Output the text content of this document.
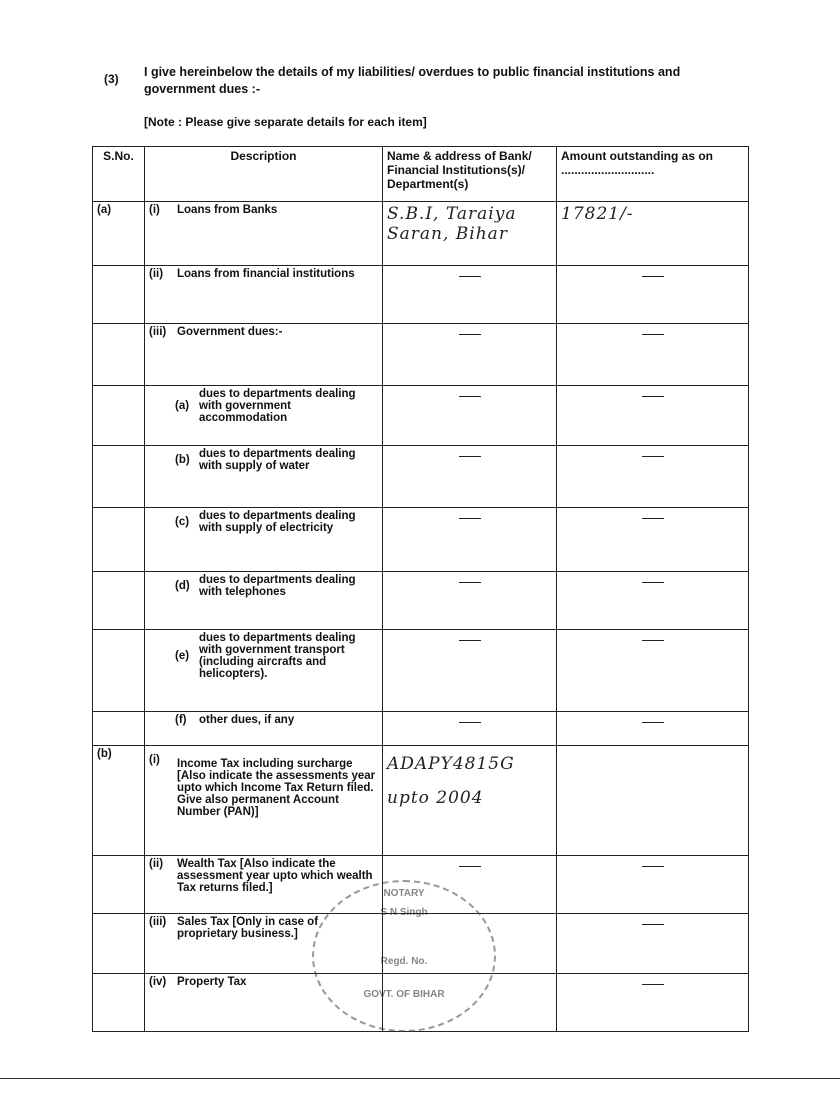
(3) I give hereinbelow the details of my liabilities/ overdues to public financial institutions and government dues :-
[Note : Please give separate details for each item]
S.No.	Description	Name & address of Bank/ Financial Institutions(s)/ Department(s)	Amount outstanding as on ............................
(a)	(i) Loans from Banks	S.B.I, Taraiya Saran, Bihar	17821/-
	(ii) Loans from financial institutions		
	(iii) Government dues:-		
	(a)dues to departments dealing with government accommodation		
	(b) dues to departments dealing with supply of water		
	(c) dues to departments dealing with supply of electricity		
	(d) dues to departments dealing with telephones		
	(e)dues to departments dealing with government transport (including aircrafts and helicopters).		
	(f) other dues, if any		
(b)	(i) Income Tax including surcharge [Also indicate the assessments year upto which Income Tax Return filed. Give also permanent Account Number (PAN)]	ADAPY4815G
upto 2004	

	(ii) Wealth Tax [Also indicate the assessment year upto which wealth Tax returns filed.]		
	(iii) Sales Tax [Only in case of proprietary business.]		
	(iv) Property Tax		
NOTARY
S N Singh
Regd. No.
GOVT. OF BIHAR
